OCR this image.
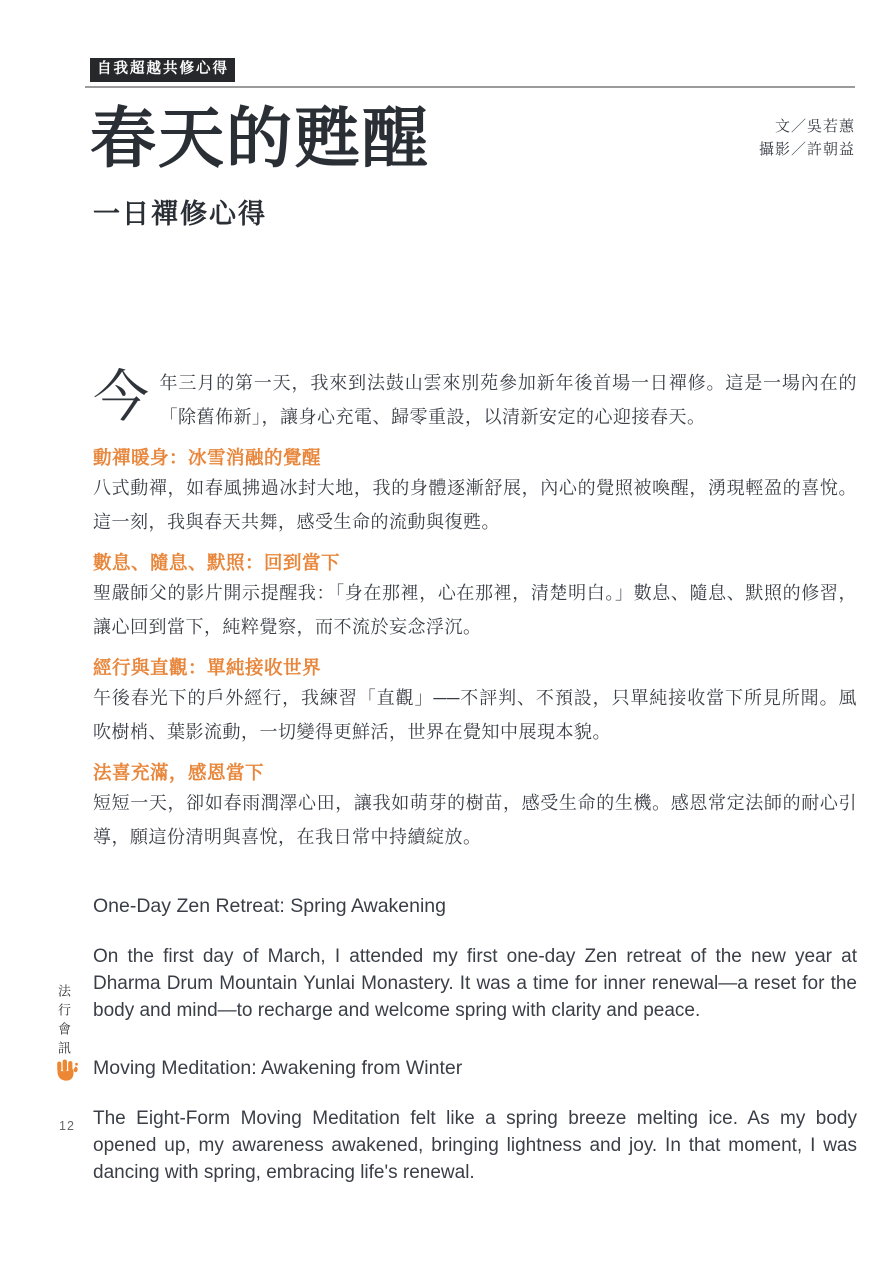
自我超越共修心得
春天的甦醒
一日禪修心得
文／吳若蕙
攝影／許朝益

今年三月的第一天，我來到法鼓山雲來別苑參加新年後首場一日禪修。這是一場內在的「除舊佈新」，讓身心充電、歸零重設，以清新安定的心迎接春天。

動禪暖身：冰雪消融的覺醒

八式動禪，如春風拂過冰封大地，我的身體逐漸舒展，內心的覺照被喚醒，湧現輕盈的喜悅。這一刻，我與春天共舞，感受生命的流動與復甦。

數息、隨息、默照：回到當下

聖嚴師父的影片開示提醒我：「身在那裡，心在那裡，清楚明白。」數息、隨息、默照的修習，讓心回到當下，純粹覺察，而不流於妄念浮沉。

經行與直觀：單純接收世界

午後春光下的戶外經行，我練習「直觀」──不評判、不預設，只單純接收當下所見所聞。風吹樹梢、葉影流動，一切變得更鮮活，世界在覺知中展現本貌。

法喜充滿，感恩當下

短短一天，卻如春雨潤澤心田，讓我如萌芽的樹苗，感受生命的生機。感恩常定法師的耐心引導，願這份清明與喜悅，在我日常中持續綻放。

One-Day Zen Retreat: Spring Awakening

On the first day of March, I attended my first one-day Zen retreat of the new year at Dharma Drum Mountain Yunlai Monastery. It was a time for inner renewal—a reset for the body and mind—to recharge and welcome spring with clarity and peace.

Moving Meditation: Awakening from Winter

The Eight-Form Moving Meditation felt like a spring breeze melting ice. As my body opened up, my awareness awakened, bringing lightness and joy. In that moment, I was dancing with spring, embracing life's renewal.

法行會訊
12
